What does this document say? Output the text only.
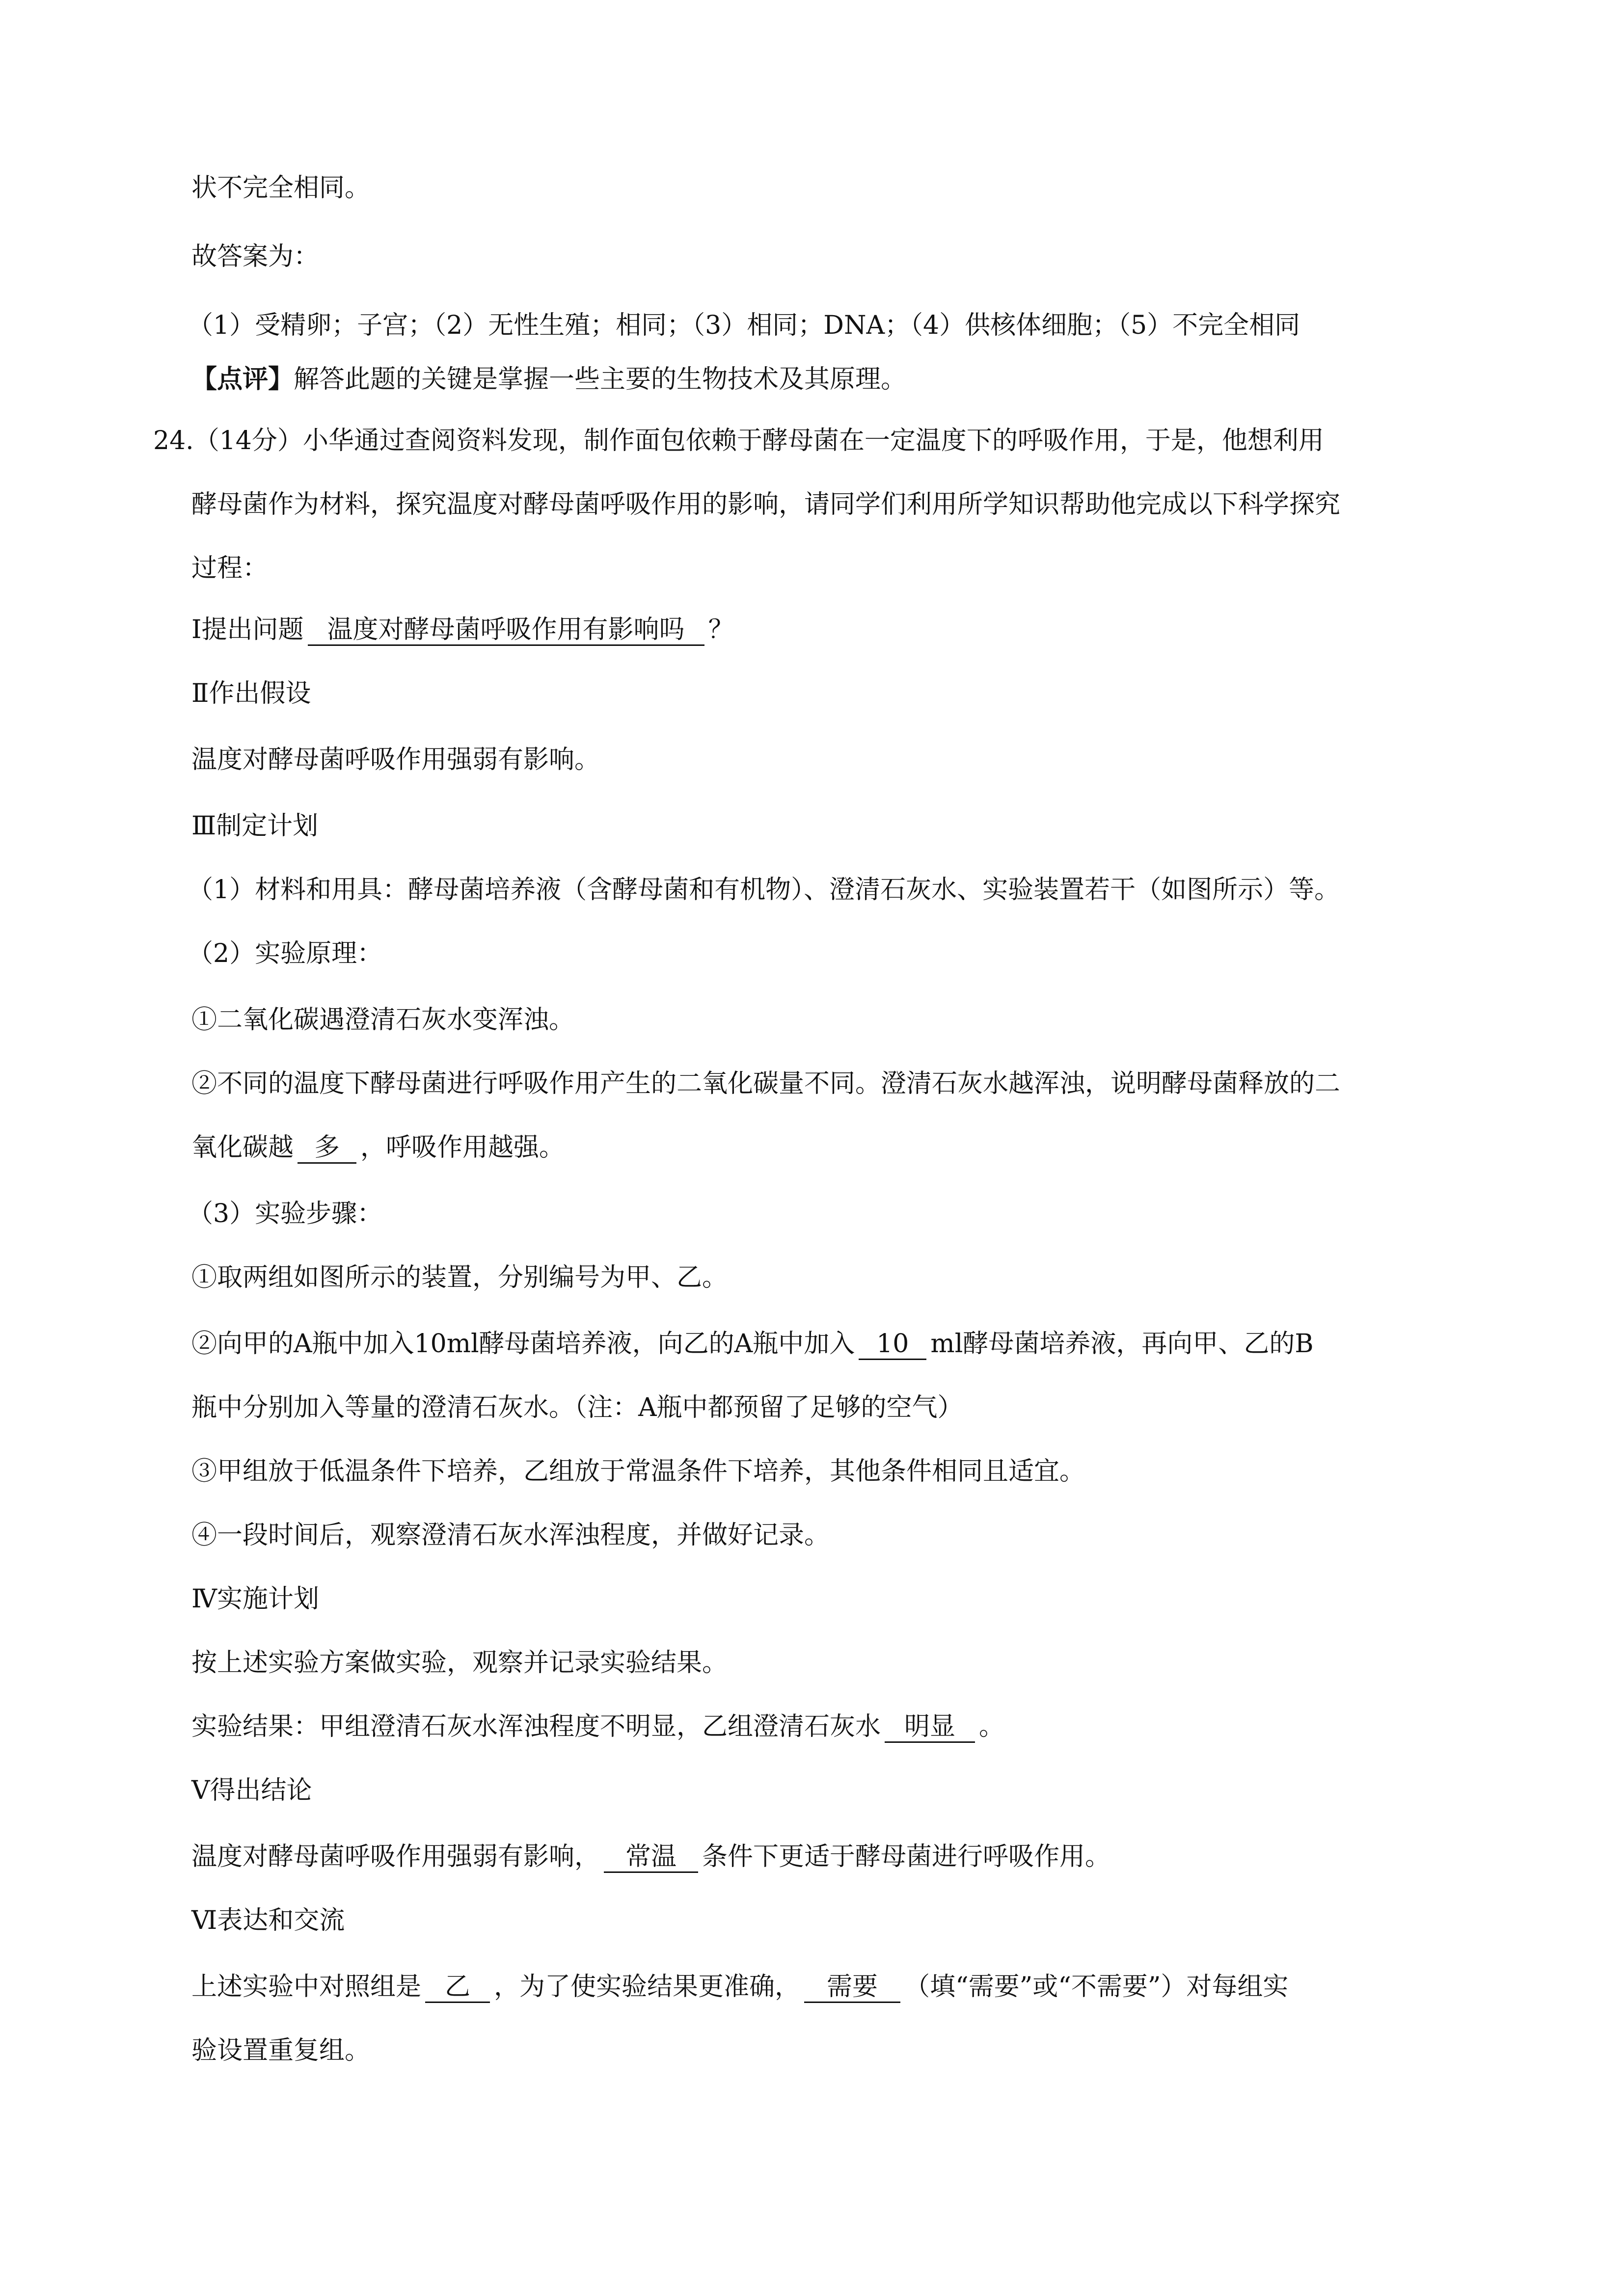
状不完全相同。

故答案为：

（1）受精卵；子宫；（2）无性生殖；相同；（3）相同；DNA；（4）供核体细胞；（5）不完全相同

【点评】解答此题的关键是掌握一些主要的生物技术及其原理。

24.（14分）小华通过查阅资料发现，制作面包依赖于酵母菌在一定温度下的呼吸作用，于是，他想利用

酵母菌作为材料，探究温度对酵母菌呼吸作用的影响，请同学们利用所学知识帮助他完成以下科学探究

过程：

I提出问题 温度对酵母菌呼吸作用有影响吗 ？

Ⅱ作出假设

温度对酵母菌呼吸作用强弱有影响。

Ⅲ制定计划

（1）材料和用具：酵母菌培养液（含酵母菌和有机物）、澄清石灰水、实验装置若干（如图所示）等。

（2）实验原理：

①二氧化碳遇澄清石灰水变浑浊。

②不同的温度下酵母菌进行呼吸作用产生的二氧化碳量不同。澄清石灰水越浑浊，说明酵母菌释放的二

氧化碳越 多 ，呼吸作用越强。

（3）实验步骤：

①取两组如图所示的装置，分别编号为甲、乙。

②向甲的A瓶中加入10ml酵母菌培养液，向乙的A瓶中加入 10 ml酵母菌培养液，再向甲、乙的B

瓶中分别加入等量的澄清石灰水。（注：A瓶中都预留了足够的空气）

③甲组放于低温条件下培养，乙组放于常温条件下培养，其他条件相同且适宜。

④一段时间后，观察澄清石灰水浑浊程度，并做好记录。

Ⅳ实施计划

按上述实验方案做实验，观察并记录实验结果。

实验结果：甲组澄清石灰水浑浊程度不明显，乙组澄清石灰水 明显 。

Ⅴ得出结论

温度对酵母菌呼吸作用强弱有影响， 常温 条件下更适于酵母菌进行呼吸作用。

Ⅵ表达和交流

上述实验中对照组是 乙 ，为了使实验结果更准确， 需要 （填“需要”或“不需要”）对每组实

验设置重复组。
